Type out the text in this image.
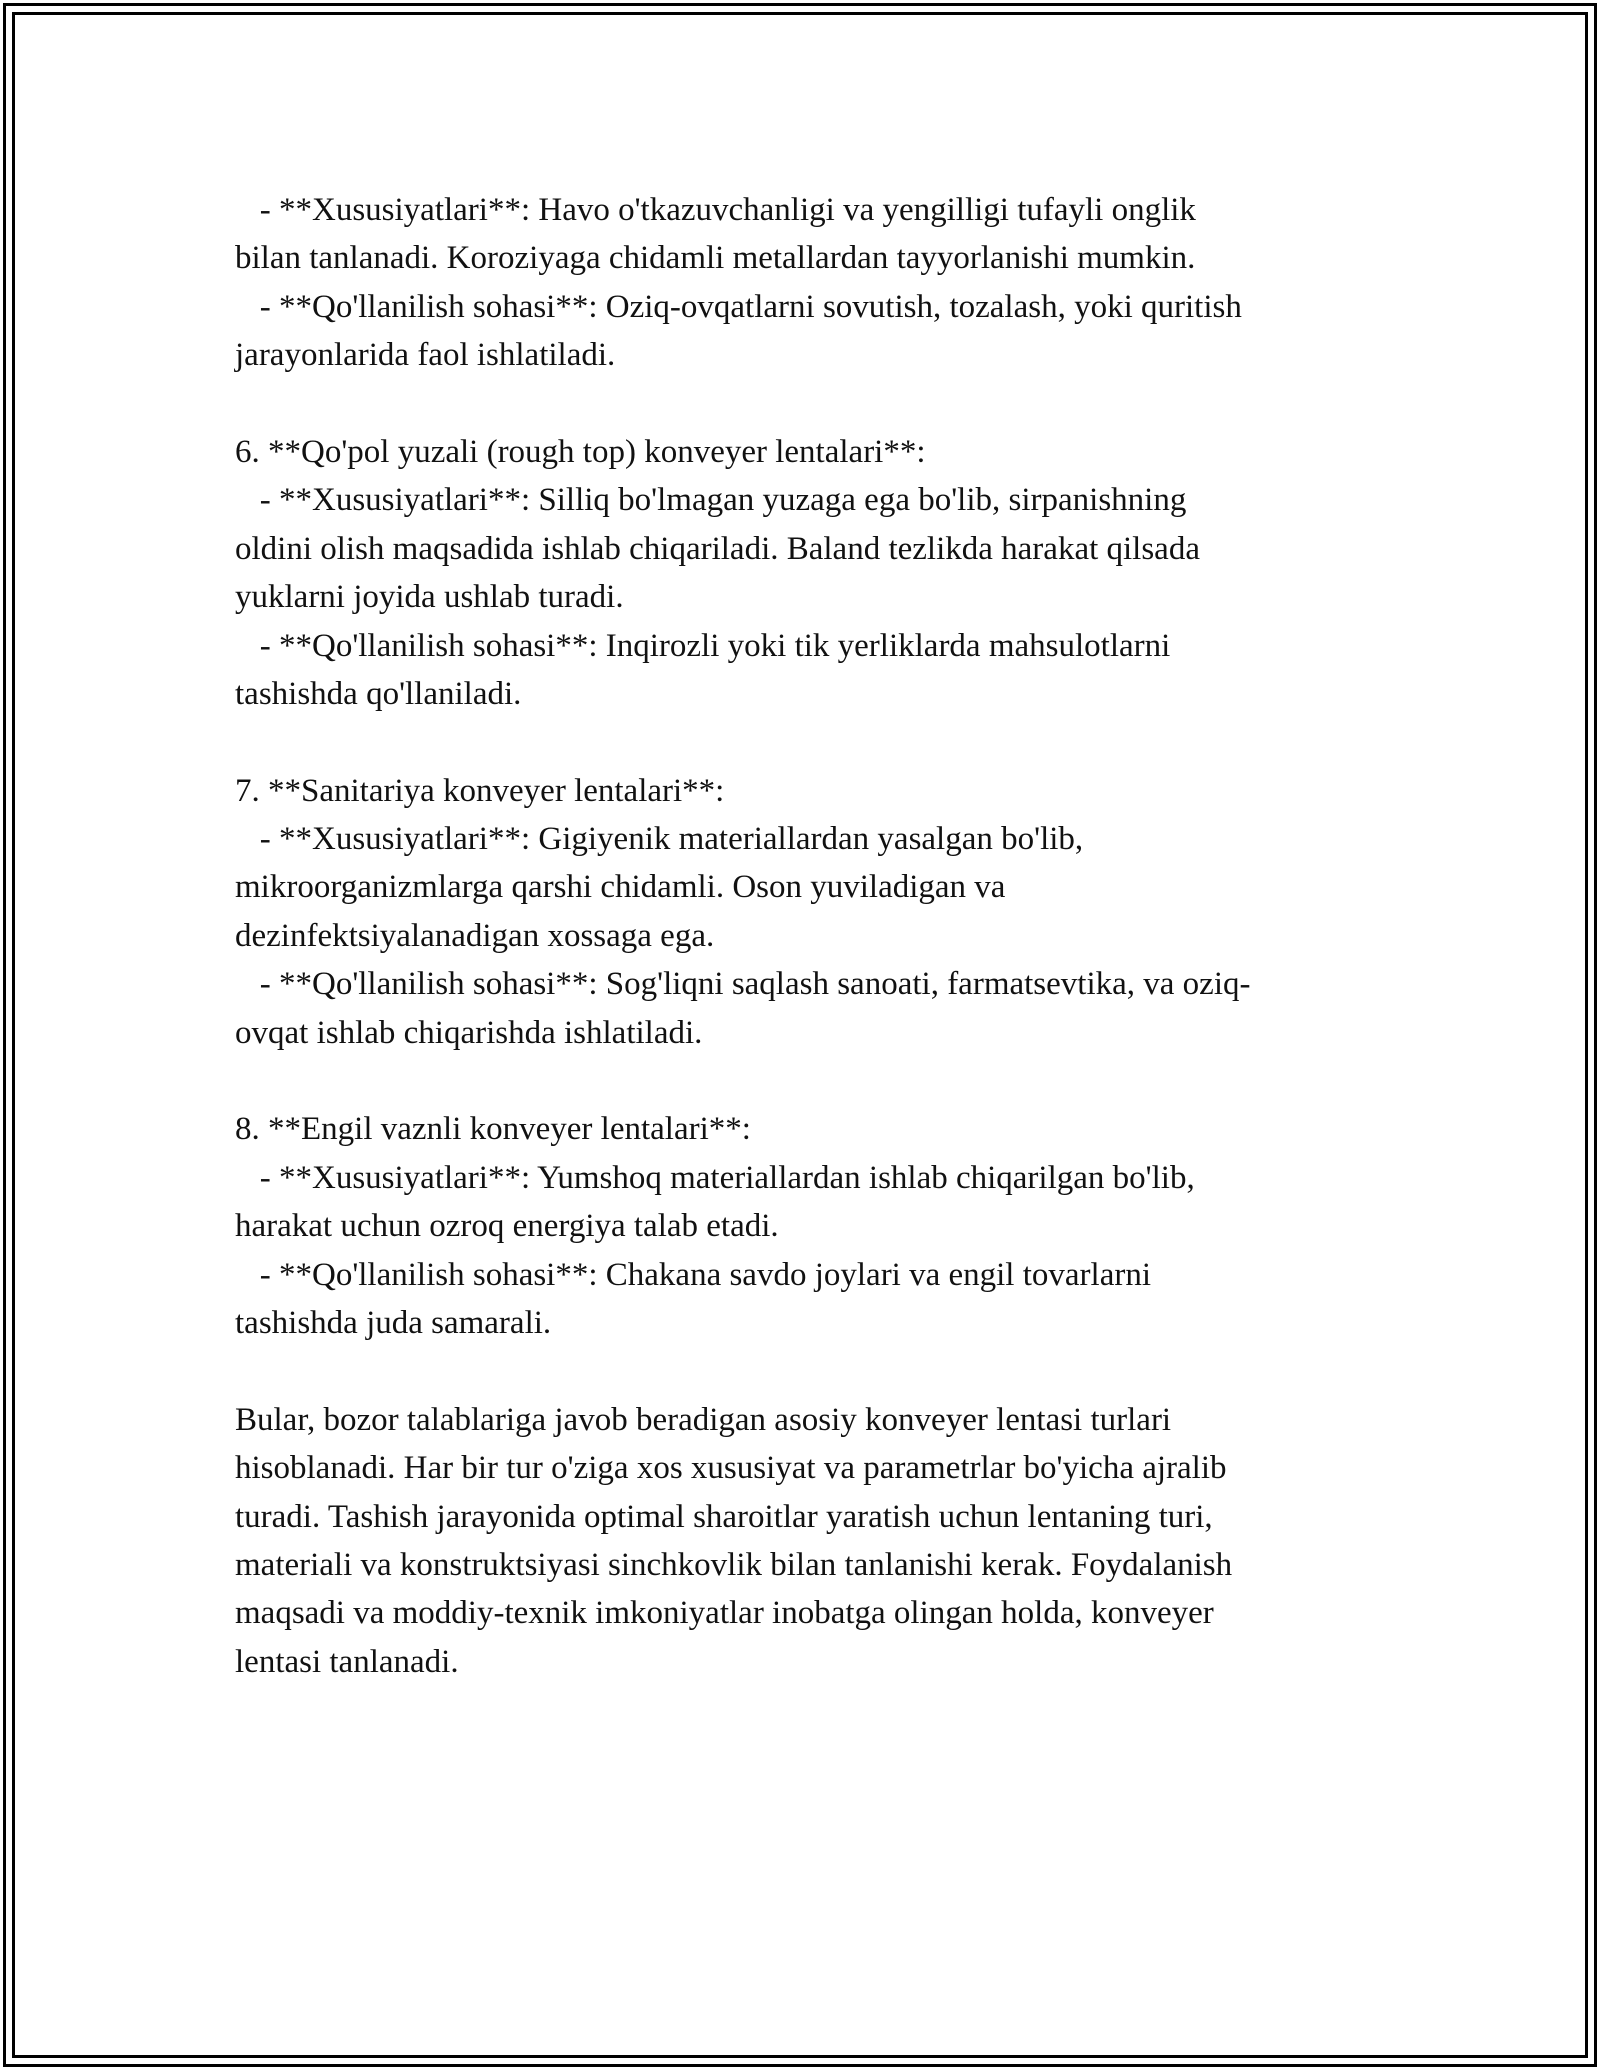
- **Xususiyatlari**: Havo o'tkazuvchanligi va yengilligi tufayli onglik
bilan tanlanadi. Koroziyaga chidamli metallardan tayyorlanishi mumkin.
- **Qo'llanilish sohasi**: Oziq-ovqatlarni sovutish, tozalash, yoki quritish
jarayonlarida faol ishlatiladi.
6. **Qo'pol yuzali (rough top) konveyer lentalari**:
- **Xususiyatlari**: Silliq bo'lmagan yuzaga ega bo'lib, sirpanishning
oldini olish maqsadida ishlab chiqariladi. Baland tezlikda harakat qilsada
yuklarni joyida ushlab turadi.
- **Qo'llanilish sohasi**: Inqirozli yoki tik yerliklarda mahsulotlarni
tashishda qo'llaniladi.
7. **Sanitariya konveyer lentalari**:
- **Xususiyatlari**: Gigiyenik materiallardan yasalgan bo'lib,
mikroorganizmlarga qarshi chidamli. Oson yuviladigan va
dezinfektsiyalanadigan xossaga ega.
- **Qo'llanilish sohasi**: Sog'liqni saqlash sanoati, farmatsevtika, va oziq-
ovqat ishlab chiqarishda ishlatiladi.
8. **Engil vaznli konveyer lentalari**:
- **Xususiyatlari**: Yumshoq materiallardan ishlab chiqarilgan bo'lib,
harakat uchun ozroq energiya talab etadi.
- **Qo'llanilish sohasi**: Chakana savdo joylari va engil tovarlarni
tashishda juda samarali.
Bular, bozor talablariga javob beradigan asosiy konveyer lentasi turlari
hisoblanadi. Har bir tur o'ziga xos xususiyat va parametrlar bo'yicha ajralib
turadi. Tashish jarayonida optimal sharoitlar yaratish uchun lentaning turi,
materiali va konstruktsiyasi sinchkovlik bilan tanlanishi kerak. Foydalanish
maqsadi va moddiy-texnik imkoniyatlar inobatga olingan holda, konveyer
lentasi tanlanadi.
